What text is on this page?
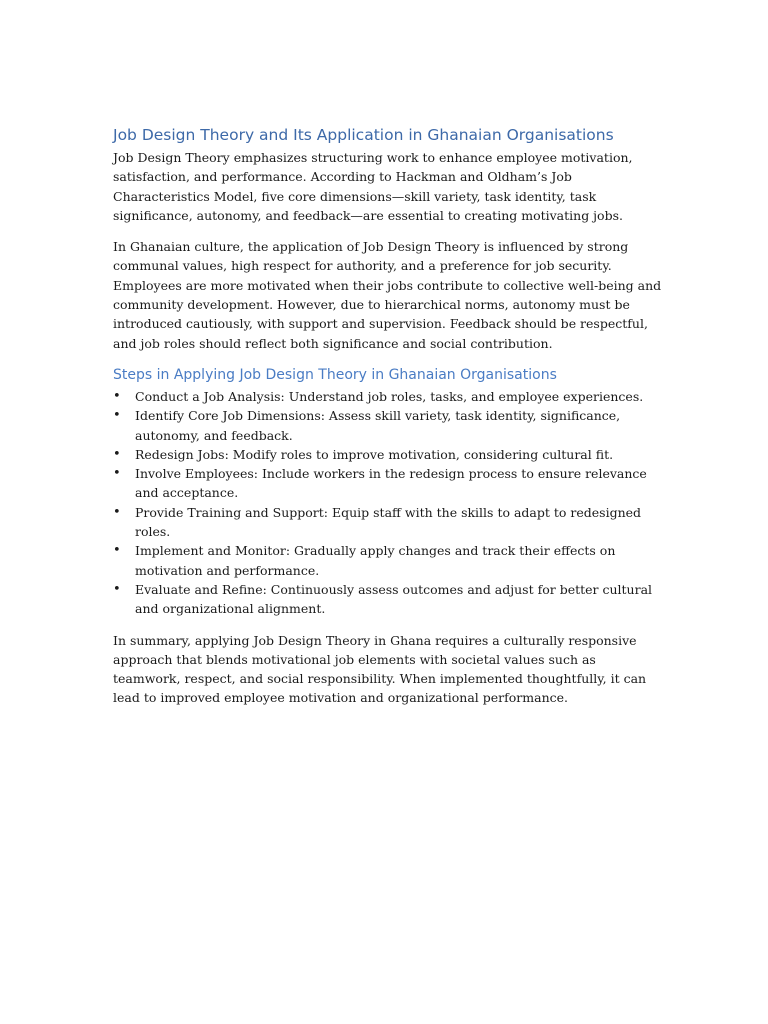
Job Design Theory and Its Application in Ghanaian Organisations

Job Design Theory emphasizes structuring work to enhance employee motivation, satisfaction, and performance. According to Hackman and Oldham’s Job Characteristics Model, five core dimensions—skill variety, task identity, task significance, autonomy, and feedback—are essential to creating motivating jobs.

In Ghanaian culture, the application of Job Design Theory is influenced by strong communal values, high respect for authority, and a preference for job security. Employees are more motivated when their jobs contribute to collective well-being and community development. However, due to hierarchical norms, autonomy must be introduced cautiously, with support and supervision. Feedback should be respectful, and job roles should reflect both significance and social contribution.

Steps in Applying Job Design Theory in Ghanaian Organisations
•	Conduct a Job Analysis: Understand job roles, tasks, and employee experiences.
•	Identify Core Job Dimensions: Assess skill variety, task identity, significance, autonomy, and feedback.
•	Redesign Jobs: Modify roles to improve motivation, considering cultural fit.
•	Involve Employees: Include workers in the redesign process to ensure relevance and acceptance.
•	Provide Training and Support: Equip staff with the skills to adapt to redesigned roles.
•	Implement and Monitor: Gradually apply changes and track their effects on motivation and performance.
•	Evaluate and Refine: Continuously assess outcomes and adjust for better cultural and organizational alignment.

In summary, applying Job Design Theory in Ghana requires a culturally responsive approach that blends motivational job elements with societal values such as teamwork, respect, and social responsibility. When implemented thoughtfully, it can lead to improved employee motivation and organizational performance.
